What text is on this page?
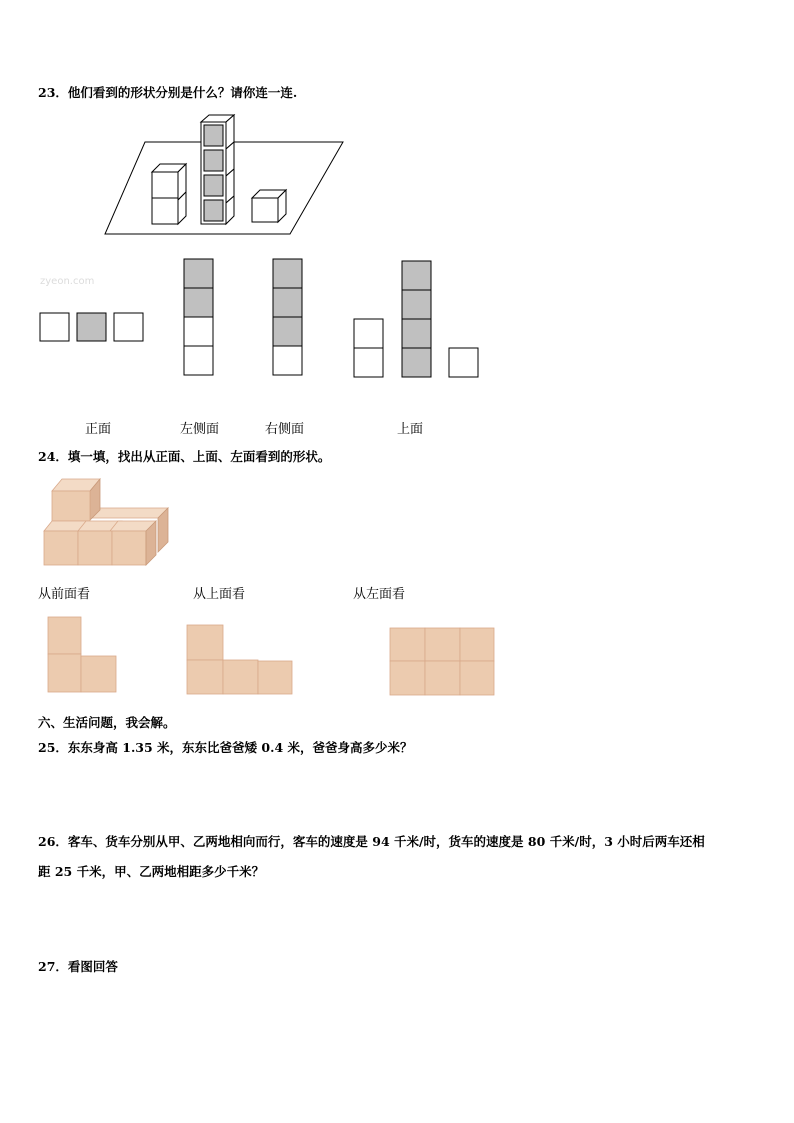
23．他们看到的形状分别是什么？请你连一连.
zyeon.com
正面	左侧面	右侧面	上面
24．填一填，找出从正面、上面、左面看到的形状。
从前面看	从上面看	从左面看
六、生活问题，我会解。
25．东东身高 1.35 米，东东比爸爸矮 0.4 米，爸爸身高多少米？
26．客车、货车分别从甲、乙两地相向而行，客车的速度是 94 千米/时，货车的速度是 80 千米/时，3 小时后两车还相
距 25 千米，甲、乙两地相距多少千米？
27．看图回答
